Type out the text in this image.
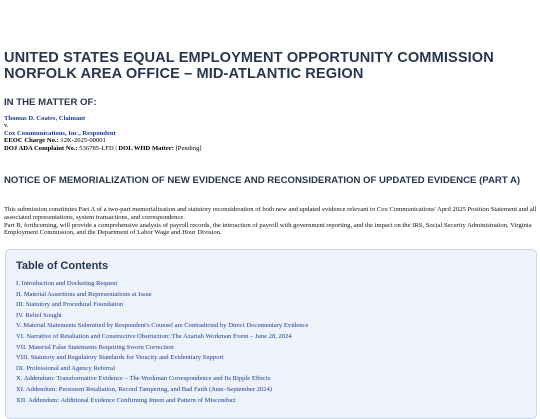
UNITED STATES EQUAL EMPLOYMENT OPPORTUNITY COMMISSION
NORFOLK AREA OFFICE – MID-ATLANTIC REGION
IN THE MATTER OF:
Thomas D. Coates, Claimant
v.
Cox Communications, Inc., Respondent
EEOC Charge No.: 12K-2025-00001
DOJ ADA Complaint No.: 536785-LFD | DOL WHD Matter: [Pending]
NOTICE OF MEMORIALIZATION OF NEW EVIDENCE AND RECONSIDERATION OF UPDATED EVIDENCE (PART A)
This submission constitutes Part A of a two-part memorialization and statutory reconsideration of both new and updated evidence relevant to Cox Communications' April 2025 Position Statement and all associated representations, system transactions, and correspondence.
Part B, forthcoming, will provide a comprehensive analysis of payroll records, the interaction of payroll with government reporting, and the impact on the IRS, Social Security Administration, Virginia Employment Commission, and the Department of Labor Wage and Hour Division.
Table of Contents
I. Introduction and Docketing Request
II. Material Assertions and Representations at Issue
III. Statutory and Procedural Foundation
IV. Relief Sought
V. Material Statements Submitted by Respondent's Counsel are Contradicted by Direct Documentary Evidence
VI. Narrative of Retaliation and Constructive Obstruction: The Azariah Workman Event – June 28, 2024
VII. Material False Statements Requiring Sworn Correction
VIII. Statutory and Regulatory Standards for Veracity and Evidentiary Support
IX. Professional and Agency Referral
X. Addendum: Transformative Evidence – The Workman Correspondence and Its Ripple Effects
XI. Addendum: Persistent Retaliation, Record Tampering, and Bad Faith (June–September 2024)
XII. Addendum: Additional Evidence Confirming Intent and Pattern of Misconduct
